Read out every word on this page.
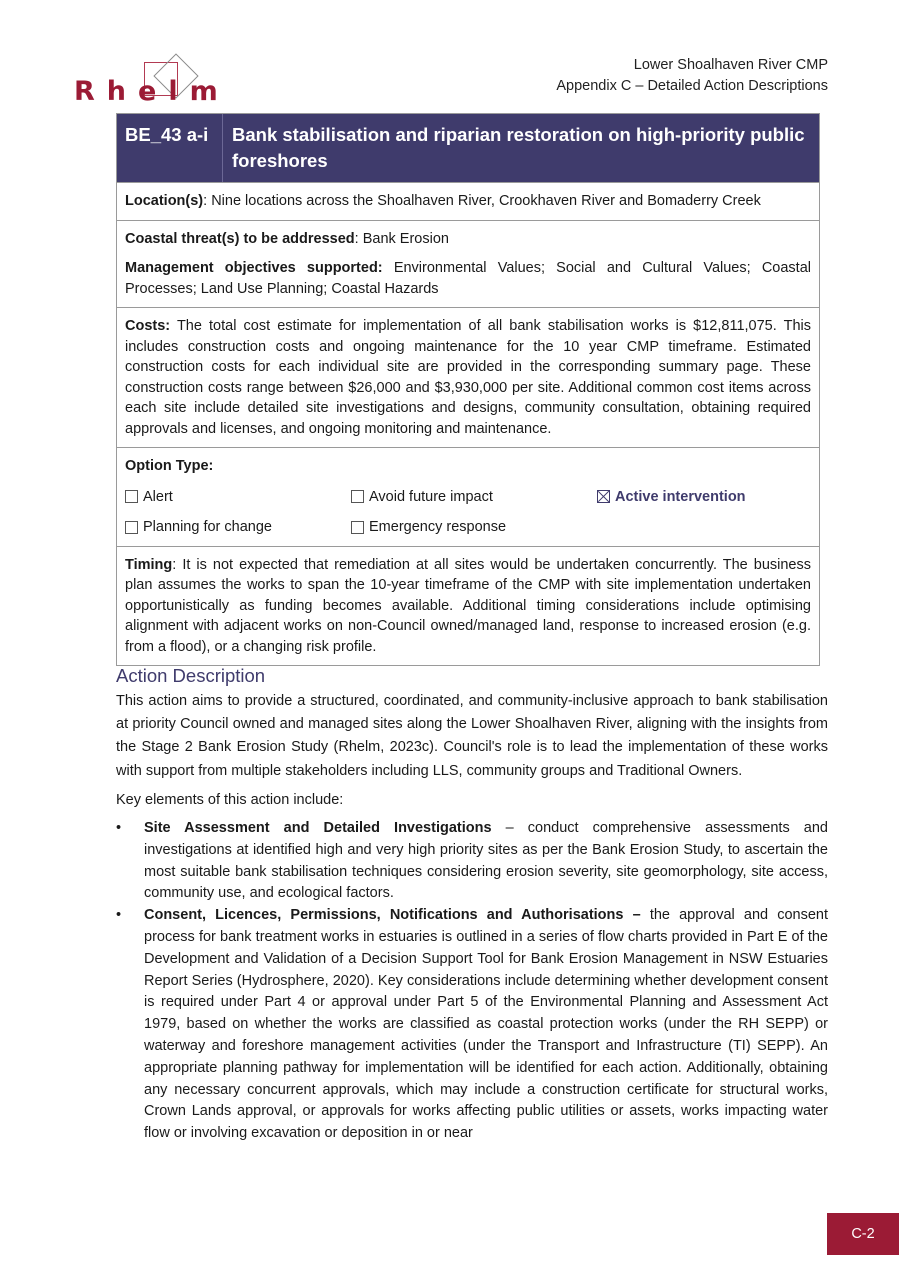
Rhelm
Lower Shoalhaven River CMP
Appendix C – Detailed Action Descriptions
BE_43 a-i	Bank stabilisation and riparian restoration on high-priority public foreshores
Location(s): Nine locations across the Shoalhaven River, Crookhaven River and Bomaderry Creek

Coastal threat(s) to be addressed: Bank Erosion

Management objectives supported: Environmental Values; Social and Cultural Values; Coastal Processes; Land Use Planning; Coastal Hazards

Costs: The total cost estimate for implementation of all bank stabilisation works is $12,811,075. This includes construction costs and ongoing maintenance for the 10 year CMP timeframe. Estimated construction costs for each individual site are provided in the corresponding summary page. These construction costs range between $26,000 and $3,930,000 per site. Additional common cost items across each site include detailed site investigations and designs, community consultation, obtaining required approvals and licenses, and ongoing monitoring and maintenance.
Option Type:
Alert	Avoid future impact	Active intervention
Planning for change	Emergency response
Timing: It is not expected that remediation at all sites would be undertaken concurrently. The business plan assumes the works to span the 10-year timeframe of the CMP with site implementation undertaken opportunistically as funding becomes available. Additional timing considerations include optimising alignment with adjacent works on non-Council owned/managed land, response to increased erosion (e.g. from a flood), or a changing risk profile.
Action Description

This action aims to provide a structured, coordinated, and community-inclusive approach to bank stabilisation at priority Council owned and managed sites along the Lower Shoalhaven River, aligning with the insights from the Stage 2 Bank Erosion Study (Rhelm, 2023c). Council's role is to lead the implementation of these works with support from multiple stakeholders including LLS, community groups and Traditional Owners.

Key elements of this action include:

• Site Assessment and Detailed Investigations – conduct comprehensive assessments and investigations at identified high and very high priority sites as per the Bank Erosion Study, to ascertain the most suitable bank stabilisation techniques considering erosion severity, site geomorphology, site access, community use, and ecological factors.
• Consent, Licences, Permissions, Notifications and Authorisations – the approval and consent process for bank treatment works in estuaries is outlined in a series of flow charts provided in Part E of the Development and Validation of a Decision Support Tool for Bank Erosion Management in NSW Estuaries Report Series (Hydrosphere, 2020). Key considerations include determining whether development consent is required under Part 4 or approval under Part 5 of the Environmental Planning and Assessment Act 1979, based on whether the works are classified as coastal protection works (under the RH SEPP) or waterway and foreshore management activities (under the Transport and Infrastructure (TI) SEPP). An appropriate planning pathway for implementation will be identified for each action. Additionally, obtaining any necessary concurrent approvals, which may include a construction certificate for structural works, Crown Lands approval, or approvals for works affecting public utilities or assets, works impacting water flow or involving excavation or deposition in or near
C-2
